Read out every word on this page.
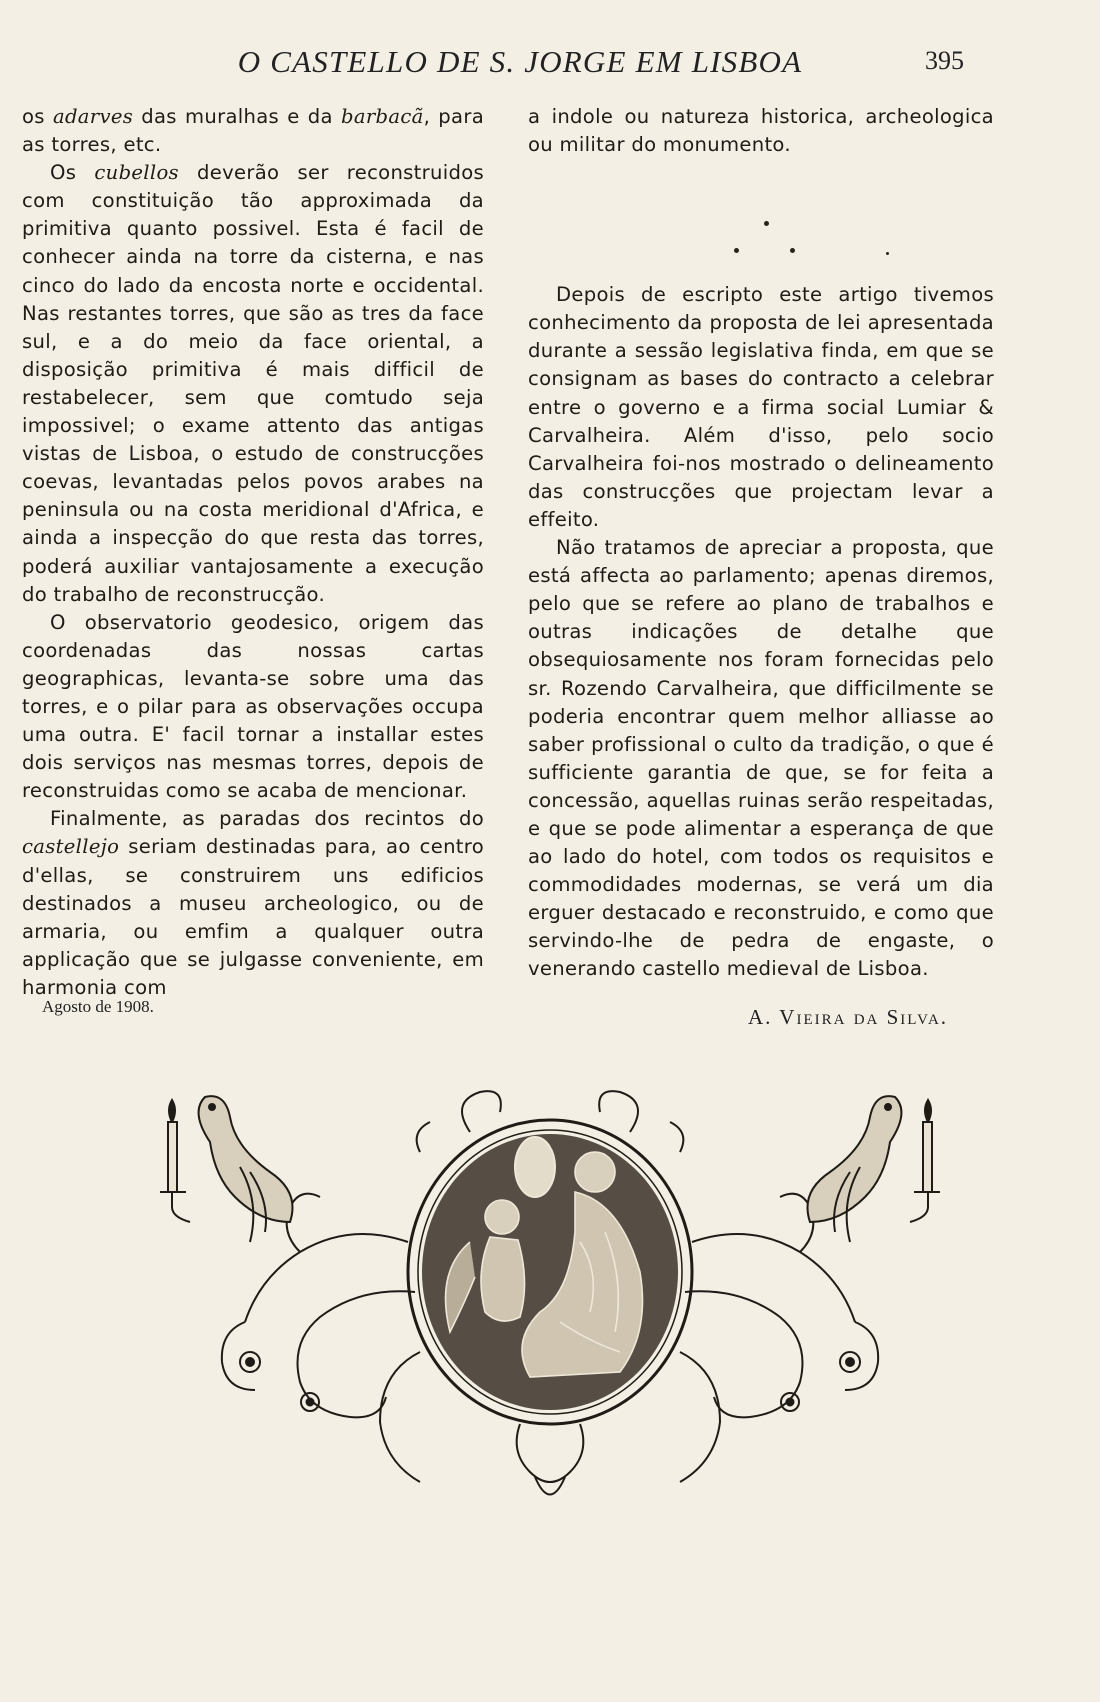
O CASTELLO DE S. JORGE EM LISBOA	395

os adarves das muralhas e da barbacã, para as torres, etc.

Os cubellos deverão ser reconstruidos com constituição tão approximada da primitiva quanto possivel. Esta é facil de conhecer ainda na torre da cisterna, e nas cinco do lado da encosta norte e occidental. Nas restantes torres, que são as tres da face sul, e a do meio da face oriental, a disposição primitiva é mais difficil de restabelecer, sem que comtudo seja impossivel; o exame attento das antigas vistas de Lisboa, o estudo de construcções coevas, levantadas pelos povos arabes na peninsula ou na costa meridional d'Africa, e ainda a inspecção do que resta das torres, poderá auxiliar vantajosamente a execução do trabalho de reconstrucção.

O observatorio geodesico, origem das coordenadas das nossas cartas geographicas, levanta-se sobre uma das torres, e o pilar para as observações occupa uma outra. E' facil tornar a installar estes dois serviços nas mesmas torres, depois de reconstruidas como se acaba de mencionar.

Finalmente, as paradas dos recintos do castellejo seriam destinadas para, ao centro d'ellas, se construirem uns edificios destinados a museu archeologico, ou de armaria, ou emfim a qualquer outra applicação que se julgasse conveniente, em harmonia com

a indole ou natureza historica, archeologica ou militar do monumento.

Depois de escripto este artigo tivemos conhecimento da proposta de lei apresentada durante a sessão legislativa finda, em que se consignam as bases do contracto a celebrar entre o governo e a firma social Lumiar & Carvalheira. Além d'isso, pelo socio Carvalheira foi-nos mostrado o delineamento das construcções que projectam levar a effeito.

Não tratamos de apreciar a proposta, que está affecta ao parlamento; apenas diremos, pelo que se refere ao plano de trabalhos e outras indicações de detalhe que obsequiosamente nos foram fornecidas pelo sr. Rozendo Carvalheira, que difficilmente se poderia encontrar quem melhor alliasse ao saber profissional o culto da tradição, o que é sufficiente garantia de que, se for feita a concessão, aquellas ruinas serão respeitadas, e que se pode alimentar a esperança de que ao lado do hotel, com todos os requisitos e commodidades modernas, se verá um dia erguer destacado e reconstruido, e como que servindo-lhe de pedra de engaste, o venerando castello medieval de Lisboa.

Agosto de 1908.	A. Vieira da Silva.
